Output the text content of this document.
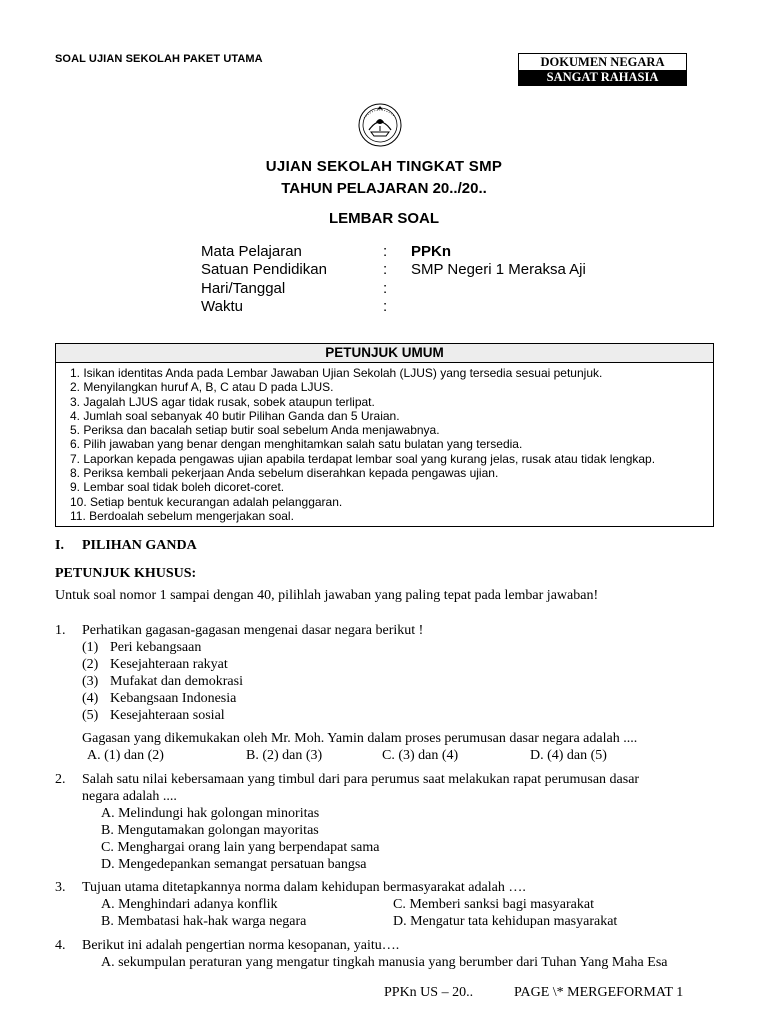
SOAL UJIAN SEKOLAH PAKET UTAMA	DOKUMEN NEGARA
SANGAT RAHASIA
UJIAN SEKOLAH TINGKAT SMP
TAHUN PELAJARAN 20../20..
LEMBAR SOAL
Mata Pelajaran	: PPKn
Satuan Pendidikan	: SMP Negeri 1 Meraksa Aji
Hari/Tanggal	:
Waktu	:
PETUNJUK UMUM
1. Isikan identitas Anda pada Lembar Jawaban Ujian Sekolah (LJUS) yang tersedia sesuai petunjuk.
2. Menyilangkan huruf A, B, C atau D pada LJUS.
3. Jagalah LJUS agar tidak rusak, sobek ataupun terlipat.
4. Jumlah soal sebanyak 40 butir Pilihan Ganda dan 5 Uraian.
5. Periksa dan bacalah setiap butir soal sebelum Anda menjawabnya.
6. Pilih jawaban yang benar dengan menghitamkan salah satu bulatan yang tersedia.
7. Laporkan kepada pengawas ujian apabila terdapat lembar soal yang kurang jelas, rusak atau tidak lengkap.
8. Periksa kembali pekerjaan Anda sebelum diserahkan kepada pengawas ujian.
9. Lembar soal tidak boleh dicoret-coret.
10. Setiap bentuk kecurangan adalah pelanggaran.
11. Berdoalah sebelum mengerjakan soal.
I. PILIHAN GANDA
PETUNJUK KHUSUS:
Untuk soal nomor 1 sampai dengan 40, pilihlah jawaban yang paling tepat pada lembar jawaban!
1. Perhatikan gagasan-gagasan mengenai dasar negara berikut !
(1) Peri kebangsaan
(2) Kesejahteraan rakyat
(3) Mufakat dan demokrasi
(4) Kebangsaan Indonesia
(5) Kesejahteraan sosial
Gagasan yang dikemukakan oleh Mr. Moh. Yamin dalam proses perumusan dasar negara adalah ....
A. (1) dan (2)	B. (2) dan (3)	C. (3) dan (4)	D. (4) dan (5)
2. Salah satu nilai kebersamaan yang timbul dari para perumus saat melakukan rapat perumusan dasar
negara adalah ....
A. Melindungi hak golongan minoritas
B. Mengutamakan golongan mayoritas
C. Menghargai orang lain yang berpendapat sama
D. Mengedepankan semangat persatuan bangsa
3. Tujuan utama ditetapkannya norma dalam kehidupan bermasyarakat adalah ….
A. Menghindari adanya konflik	C. Memberi sanksi bagi masyarakat
B. Membatasi hak-hak warga negara	D. Mengatur tata kehidupan masyarakat
4. Berikut ini adalah pengertian norma kesopanan, yaitu….
A. sekumpulan peraturan yang mengatur tingkah manusia yang berumber dari Tuhan Yang Maha Esa
PPKn US – 20..	PAGE \* MERGEFORMAT 1
